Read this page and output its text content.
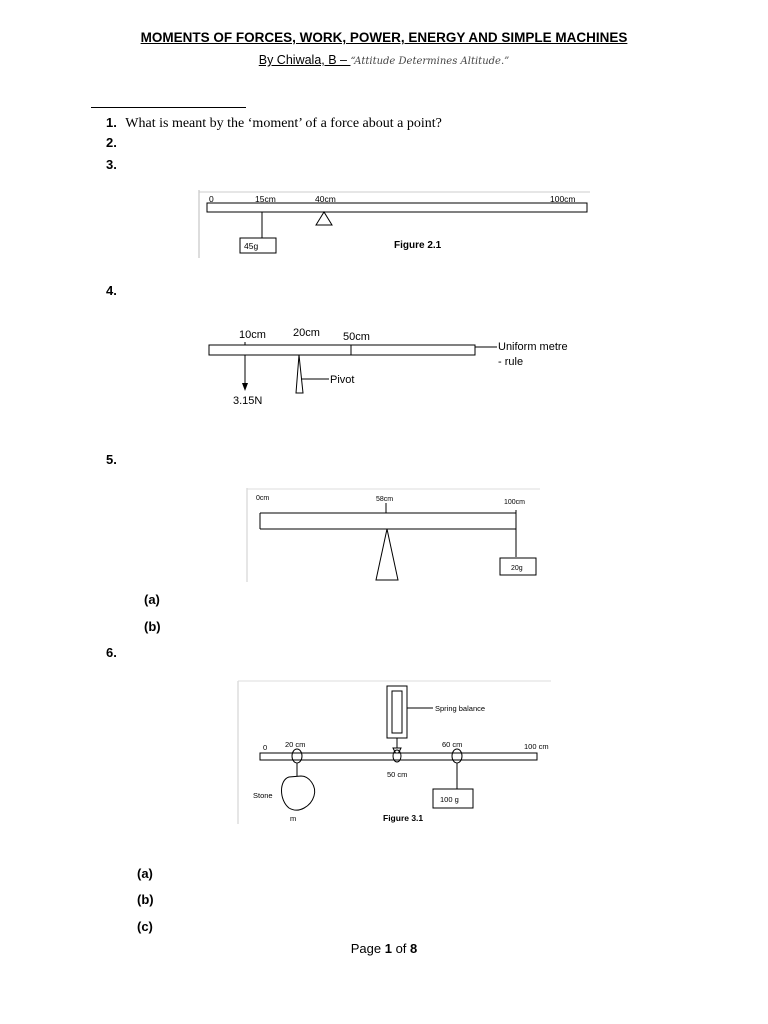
MOMENTS OF FORCES, WORK, POWER, ENERGY AND SIMPLE MACHINES
By Chiwala, B – “Attitude Determines Altitude.”
1. What is meant by the ‘moment’ of a force about a point?
2.
3.
0	15cm	40cm	100cm
45g	Figure 2.1
4.
10cm 20cm 50cm
3.15N
Pivot
Uniform metre
- rule
5.
0cm	58cm	100cm
20g
(a)
(b)
6.
Spring balance
0 20 cm	60 cm	100 cm
50 cm
Stone
m
100 g
Figure 3.1
(a)
(b)
(c)
Page 1 of 8
